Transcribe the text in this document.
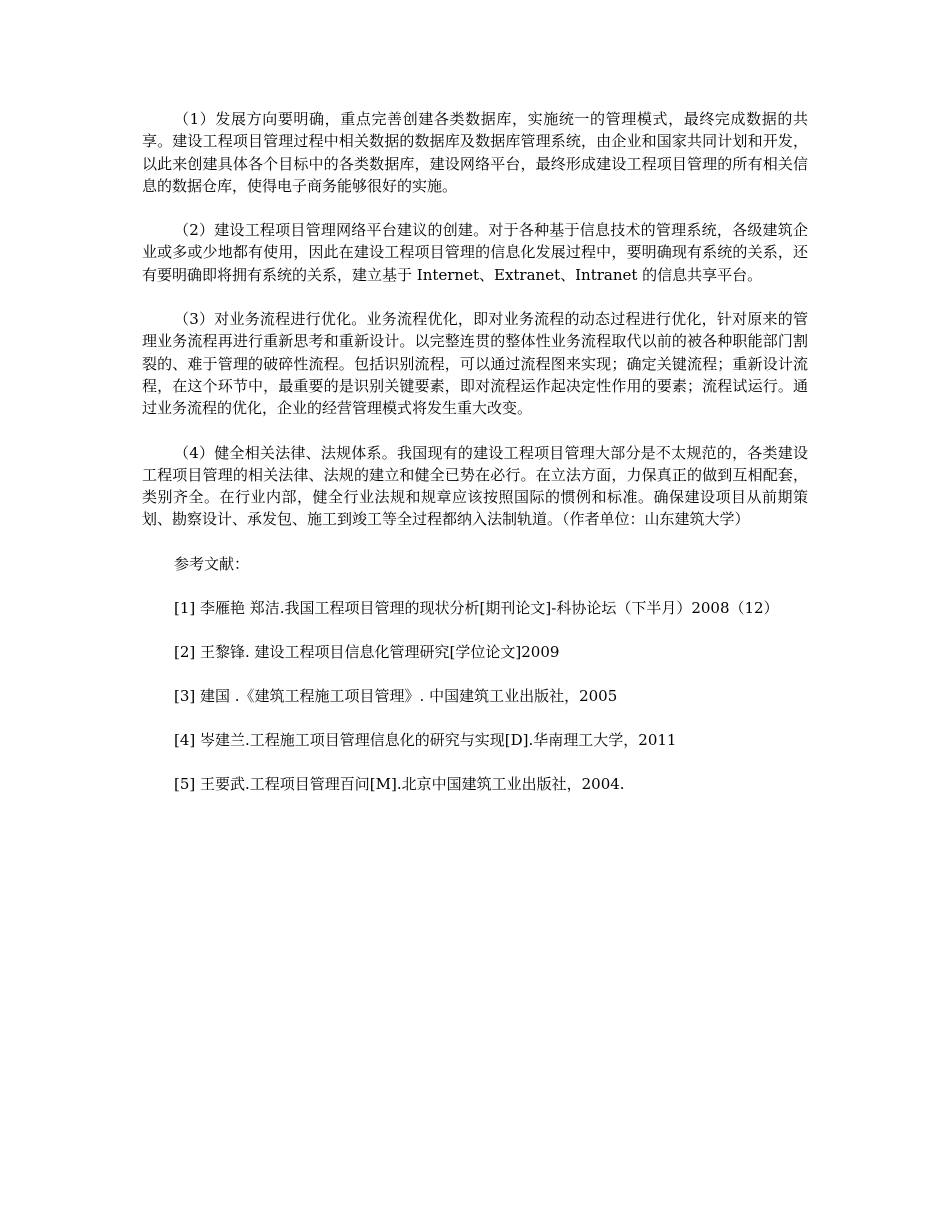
（1）发展方向要明确，重点完善创建各类数据库，实施统一的管理模式，最终完成数据的共享。建设工程项目管理过程中相关数据的数据库及数据库管理系统，由企业和国家共同计划和开发，以此来创建具体各个目标中的各类数据库，建设网络平台，最终形成建设工程项目管理的所有相关信息的数据仓库，使得电子商务能够很好的实施。

（2）建设工程项目管理网络平台建议的创建。对于各种基于信息技术的管理系统，各级建筑企业或多或少地都有使用，因此在建设工程项目管理的信息化发展过程中，要明确现有系统的关系，还有要明确即将拥有系统的关系，建立基于 Internet、Extranet、Intranet 的信息共享平台。

（3）对业务流程进行优化。业务流程优化，即对业务流程的动态过程进行优化，针对原来的管理业务流程再进行重新思考和重新设计。以完整连贯的整体性业务流程取代以前的被各种职能部门割裂的、难于管理的破碎性流程。包括识别流程，可以通过流程图来实现；确定关键流程；重新设计流程，在这个环节中，最重要的是识别关键要素，即对流程运作起决定性作用的要素；流程试运行。通过业务流程的优化，企业的经营管理模式将发生重大改变。

（4）健全相关法律、法规体系。我国现有的建设工程项目管理大部分是不太规范的，各类建设工程项目管理的相关法律、法规的建立和健全已势在必行。在立法方面，力保真正的做到互相配套，类别齐全。在行业内部，健全行业法规和规章应该按照国际的惯例和标准。确保建设项目从前期策划、勘察设计、承发包、施工到竣工等全过程都纳入法制轨道。（作者单位：山东建筑大学）

参考文献：

[1] 李雁艳 郑洁.我国工程项目管理的现状分析[期刊论文]-科协论坛（下半月）2008（12）

[2] 王黎锋. 建设工程项目信息化管理研究[学位论文]2009

[3] 建国 .《建筑工程施工项目管理》. 中国建筑工业出版社，2005

[4] 岑建兰.工程施工项目管理信息化的研究与实现[D].华南理工大学，2011

[5] 王要武.工程项目管理百问[M].北京中国建筑工业出版社，2004.
